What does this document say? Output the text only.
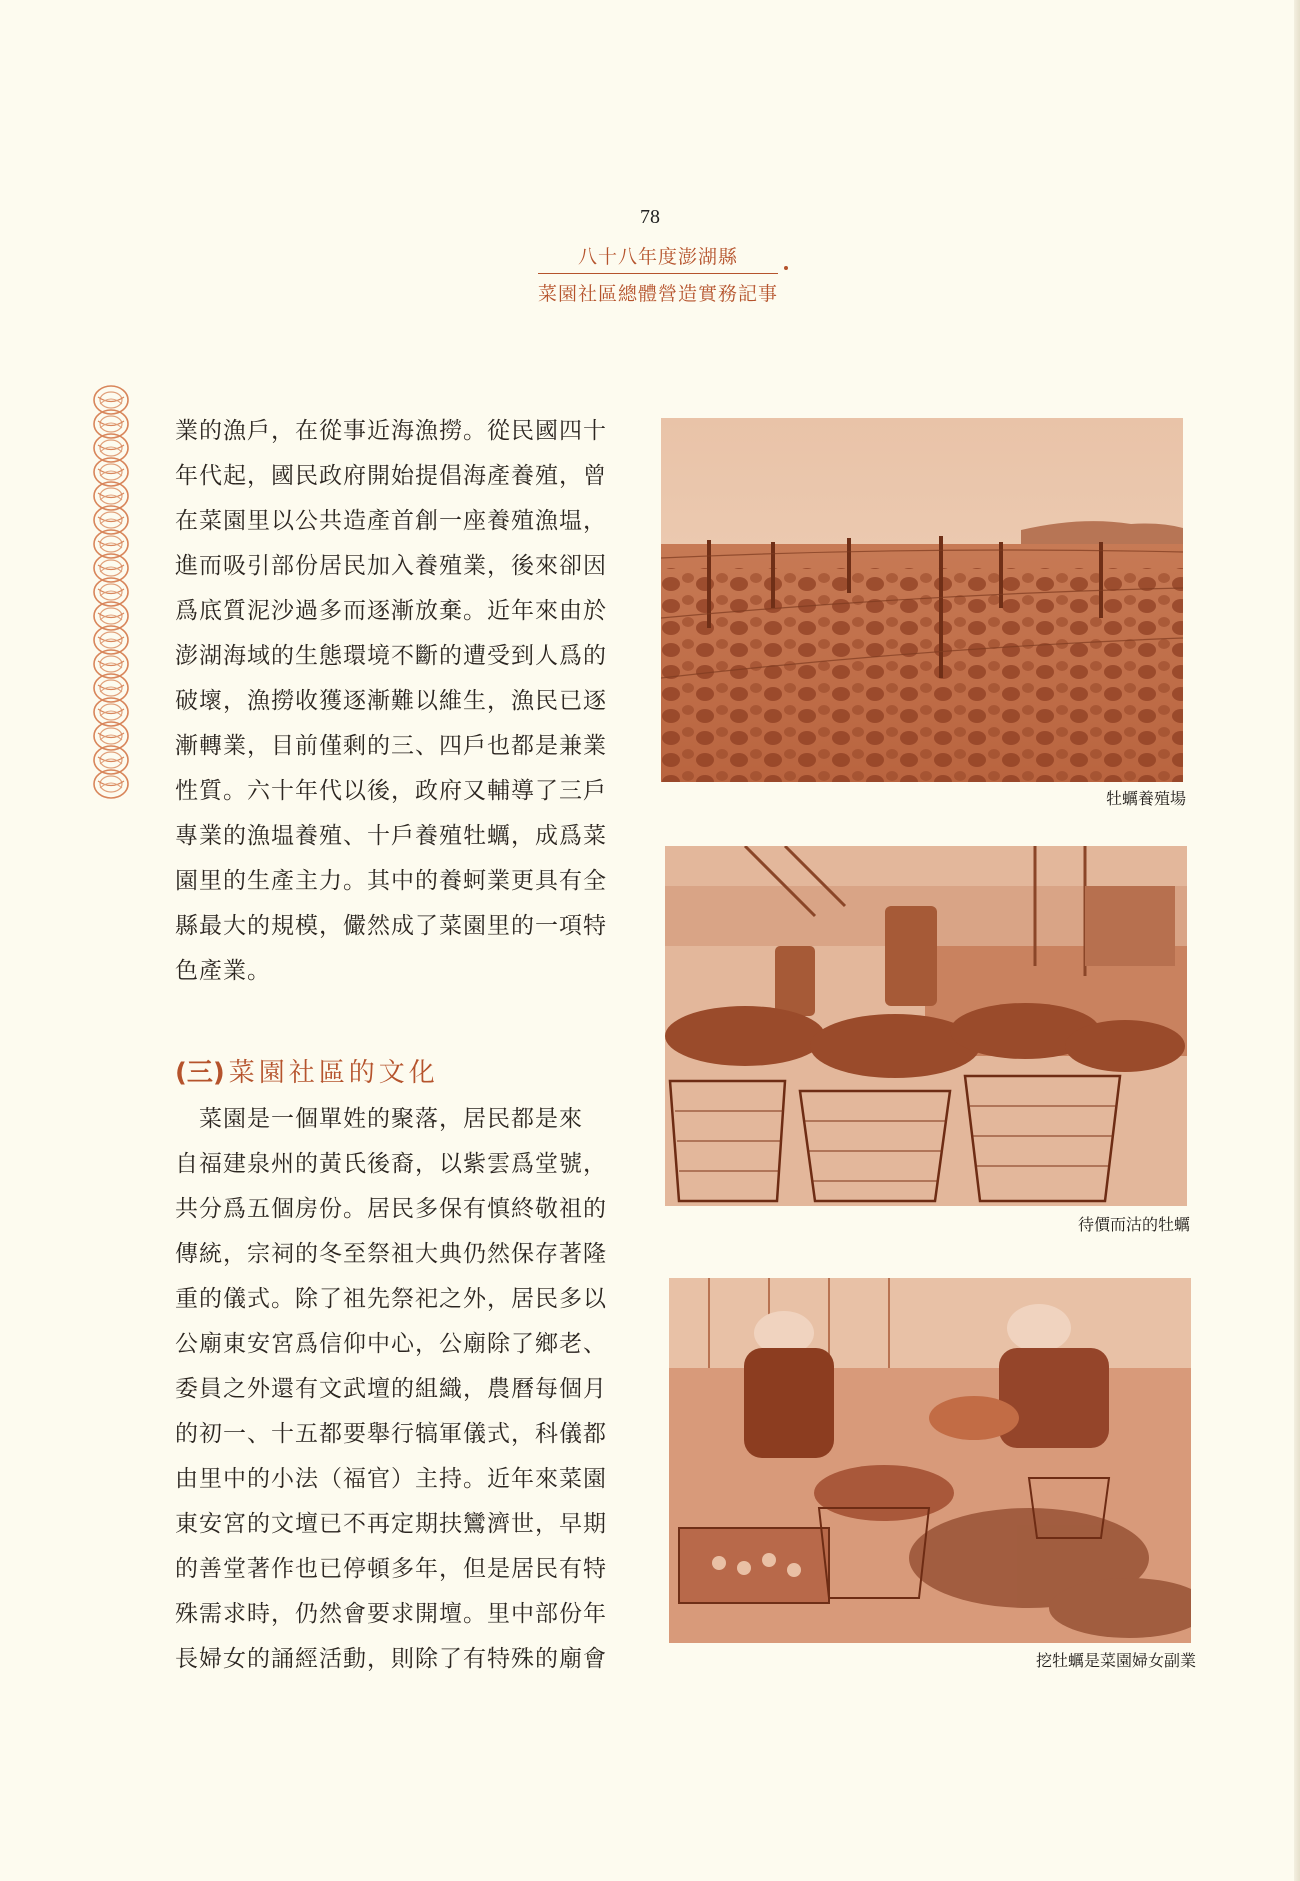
78
八十八年度澎湖縣
菜園社區總體營造實務記事
業的漁戶，在從事近海漁撈。從民國四十
年代起，國民政府開始提倡海產養殖，曾
在菜園里以公共造產首創一座養殖漁塭，
進而吸引部份居民加入養殖業，後來卻因
爲底質泥沙過多而逐漸放棄。近年來由於
澎湖海域的生態環境不斷的遭受到人爲的
破壞，漁撈收獲逐漸難以維生，漁民已逐
漸轉業，目前僅剩的三、四戶也都是兼業
性質。六十年代以後，政府又輔導了三戶
專業的漁塭養殖、十戶養殖牡蠣，成爲菜
園里的生產主力。其中的養蚵業更具有全
縣最大的規模，儼然成了菜園里的一項特
色產業。
(三) 菜園社區的文化
　菜園是一個單姓的聚落，居民都是來
自福建泉州的黃氏後裔，以紫雲爲堂號，
共分爲五個房份。居民多保有慎終敬祖的
傳統，宗祠的冬至祭祖大典仍然保存著隆
重的儀式。除了祖先祭祀之外，居民多以
公廟東安宮爲信仰中心，公廟除了鄉老、
委員之外還有文武壇的組織，農曆每個月
的初一、十五都要舉行犒軍儀式，科儀都
由里中的小法（福官）主持。近年來菜園
東安宮的文壇已不再定期扶鸞濟世，早期
的善堂著作也已停頓多年，但是居民有特
殊需求時，仍然會要求開壇。里中部份年
長婦女的誦經活動，則除了有特殊的廟會
牡蠣養殖場
待價而沽的牡蠣
挖牡蠣是菜園婦女副業
